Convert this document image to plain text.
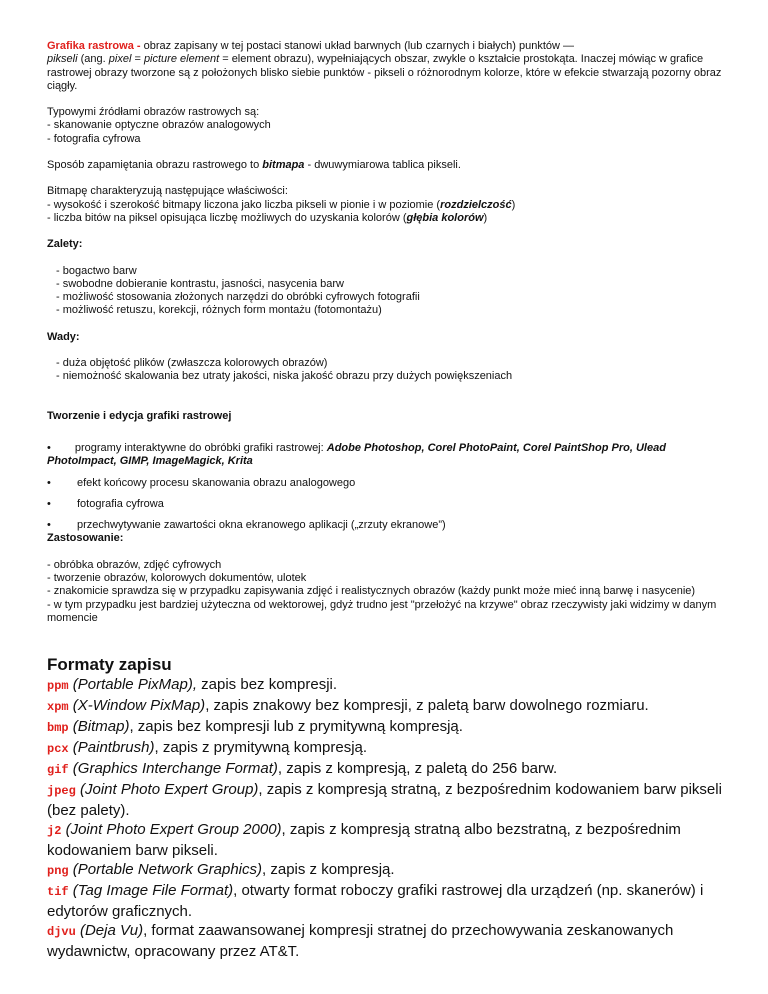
Grafika rastrowa - obraz zapisany w tej postaci stanowi układ barwnych (lub czarnych i białych) punktów —
pikseli (ang. pixel = picture element = element obrazu), wypełniających obszar, zwykle o kształcie prostokąta. Inaczej mówiąc w grafice rastrowej obrazy tworzone są z położonych blisko siebie punktów - pikseli o różnorodnym kolorze, które w efekcie stwarzają pozorny obraz ciągły.

Typowymi źródłami obrazów rastrowych są:

- skanowanie optyczne obrazów analogowych

- fotografia cyfrowa

Sposób zapamiętania obrazu rastrowego to bitmapa - dwuwymiarowa tablica pikseli.

Bitmapę charakteryzują następujące właściwości:

- wysokość i szerokość bitmapy liczona jako liczba pikseli w pionie i w poziomie (rozdzielczość)

- liczba bitów na piksel opisująca liczbę możliwych do uzyskania kolorów (głębia kolorów)

Zalety:

- bogactwo barw

- swobodne dobieranie kontrastu, jasności, nasycenia barw

- możliwość stosowania złożonych narzędzi do obróbki cyfrowych fotografii

- możliwość retuszu, korekcji, różnych form montażu (fotomontażu)

Wady:

- duża objętość plików (zwłaszcza kolorowych obrazów)

- niemożność skalowania bez utraty jakości, niska jakość obrazu przy dużych powiększeniach

Tworzenie i edycja grafiki rastrowej

• programy interaktywne do obróbki grafiki rastrowej: Adobe Photoshop, Corel PhotoPaint, Corel PaintShop Pro, Ulead PhotoImpact, GIMP, ImageMagick, Krita

• efekt końcowy procesu skanowania obrazu analogowego
• fotografia cyfrowa
• przechwytywanie zawartości okna ekranowego aplikacji („zrzuty ekranowe”)

Zastosowanie:

- obróbka obrazów, zdjęć cyfrowych

- tworzenie obrazów, kolorowych dokumentów, ulotek

- znakomicie sprawdza się w przypadku zapisywania zdjęć i realistycznych obrazów (każdy punkt może mieć inną barwę i nasycenie)

- w tym przypadku jest bardziej użyteczna od wektorowej, gdyż trudno jest "przełożyć na krzywe" obraz rzeczywisty jaki widzimy w danym momencie

Formaty zapisu

ppm (Portable PixMap), zapis bez kompresji.

xpm (X-Window PixMap), zapis znakowy bez kompresji, z paletą barw dowolnego rozmiaru.

bmp (Bitmap), zapis bez kompresji lub z prymitywną kompresją.

pcx (Paintbrush), zapis z prymitywną kompresją.

gif (Graphics Interchange Format), zapis z kompresją, z paletą do 256 barw.

jpeg (Joint Photo Expert Group), zapis z kompresją stratną, z bezpośrednim kodowaniem barw pikseli (bez palety).

j2 (Joint Photo Expert Group 2000), zapis z kompresją stratną albo bezstratną, z bezpośrednim kodowaniem barw pikseli.

png (Portable Network Graphics), zapis z kompresją.

tif (Tag Image File Format), otwarty format roboczy grafiki rastrowej dla urządzeń (np. skanerów) i edytorów graficznych.

djvu (Deja Vu), format zaawansowanej kompresji stratnej do przechowywania zeskanowanych wydawnictw, opracowany przez AT&T.
